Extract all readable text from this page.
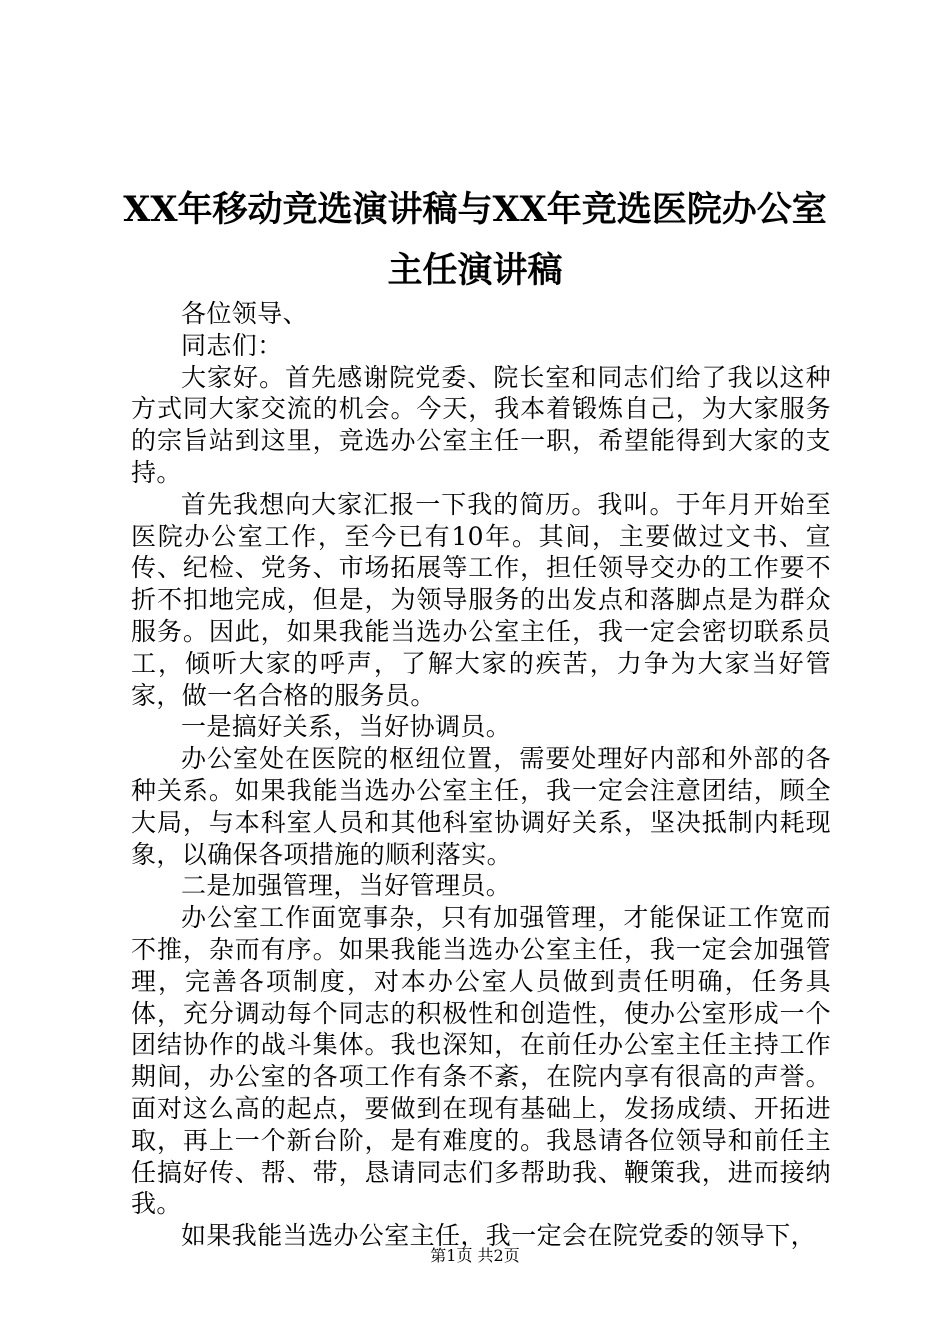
XX年移动竞选演讲稿与XX年竞选医院办公室
主任演讲稿

各位领导、

同志们：

大家好。首先感谢院党委、院长室和同志们给了我以这种方式同大家交流的机会。今天，我本着锻炼自己，为大家服务的宗旨站到这里，竞选办公室主任一职，希望能得到大家的支持。

首先我想向大家汇报一下我的简历。我叫。于年月开始至医院办公室工作，至今已有10年。其间，主要做过文书、宣传、纪检、党务、市场拓展等工作，担任领导交办的工作要不折不扣地完成，但是，为领导服务的出发点和落脚点是为群众服务。因此，如果我能当选办公室主任，我一定会密切联系员工，倾听大家的呼声，了解大家的疾苦，力争为大家当好管家，做一名合格的服务员。

一是搞好关系，当好协调员。

办公室处在医院的枢纽位置，需要处理好内部和外部的各种关系。如果我能当选办公室主任，我一定会注意团结，顾全大局，与本科室人员和其他科室协调好关系，坚决抵制内耗现象，以确保各项措施的顺利落实。

二是加强管理，当好管理员。

办公室工作面宽事杂，只有加强管理，才能保证工作宽而不推，杂而有序。如果我能当选办公室主任，我一定会加强管理，完善各项制度，对本办公室人员做到责任明确，任务具体，充分调动每个同志的积极性和创造性，使办公室形成一个团结协作的战斗集体。我也深知，在前任办公室主任主持工作期间，办公室的各项工作有条不紊，在院内享有很高的声誉。面对这么高的起点，要做到在现有基础上，发扬成绩、开拓进取，再上一个新台阶，是有难度的。我恳请各位领导和前任主任搞好传、帮、带，恳请同志们多帮助我、鞭策我，进而接纳我。

如果我能当选办公室主任，我一定会在院党委的领导下，

第1页 共2页
